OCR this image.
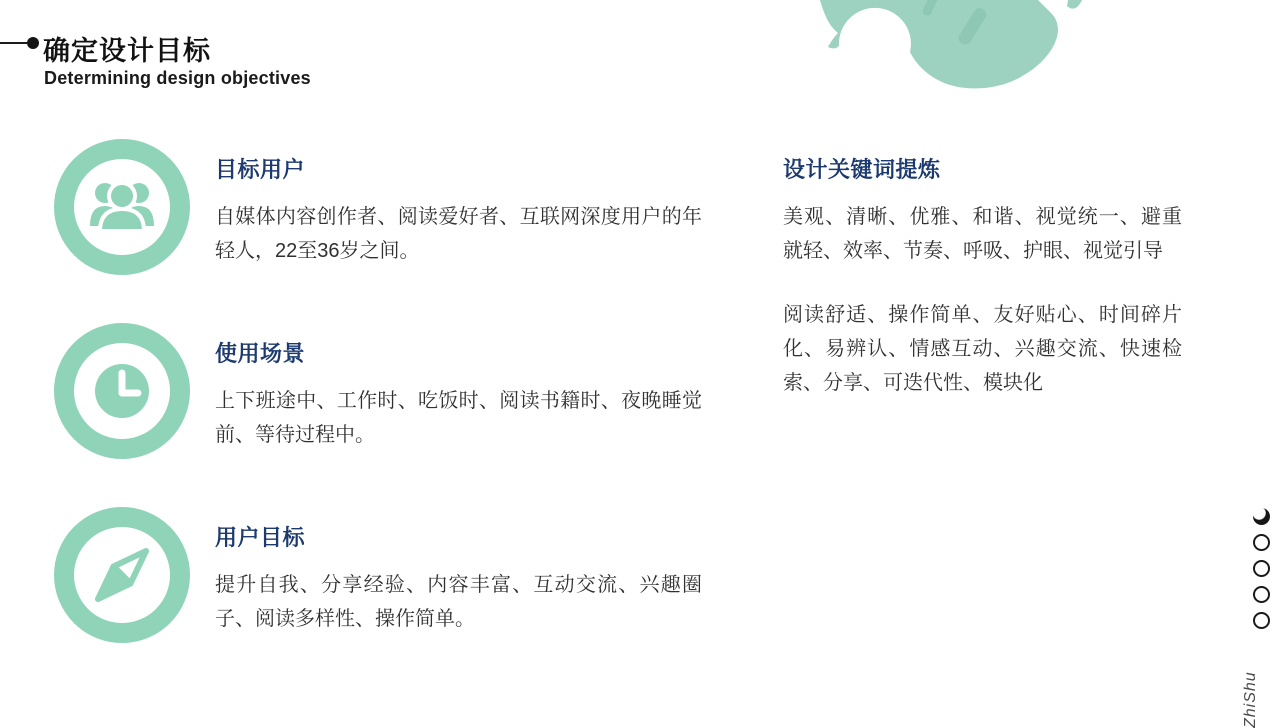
确定设计目标
Determining design objectives
目标用户
自媒体内容创作者、阅读爱好者、互联网深度用户的年轻人，22至36岁之间。
使用场景
上下班途中、工作时、吃饭时、阅读书籍时、夜晚睡觉前、等待过程中。
用户目标
提升自我、分享经验、内容丰富、互动交流、兴趣圈子、阅读多样性、操作简单。
设计关键词提炼

美观、清晰、优雅、和谐、视觉统一、避重就轻、效率、节奏、呼吸、护眼、视觉引导

阅读舒适、操作简单、友好贴心、时间碎片化、易辨认、情感互动、兴趣交流、快速检索、分享、可迭代性、模块化

ZhiShu
